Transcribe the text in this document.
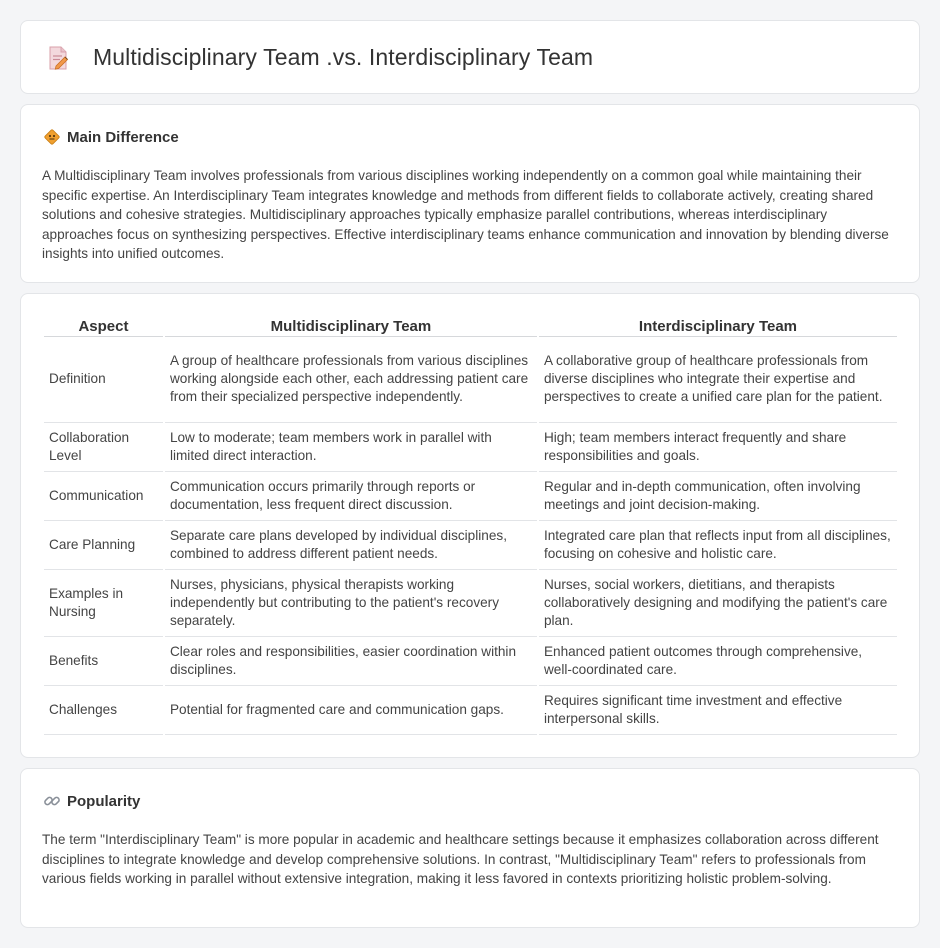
Multidisciplinary Team .vs. Interdisciplinary Team
Main Difference

A Multidisciplinary Team involves professionals from various disciplines working independently on a common goal while maintaining their specific expertise. An Interdisciplinary Team integrates knowledge and methods from different fields to collaborate actively, creating shared solutions and cohesive strategies. Multidisciplinary approaches typically emphasize parallel contributions, whereas interdisciplinary approaches focus on synthesizing perspectives. Effective interdisciplinary teams enhance communication and innovation by blending diverse insights into unified outcomes.

Aspect	Multidisciplinary Team	Interdisciplinary Team
Definition	A group of healthcare professionals from various disciplines working alongside each other, each addressing patient care from their specialized perspective independently.	A collaborative group of healthcare professionals from diverse disciplines who integrate their expertise and perspectives to create a unified care plan for the patient.
Collaboration Level	Low to moderate; team members work in parallel with limited direct interaction.	High; team members interact frequently and share responsibilities and goals.
Communication	Communication occurs primarily through reports or documentation, less frequent direct discussion.	Regular and in-depth communication, often involving meetings and joint decision-making.
Care Planning	Separate care plans developed by individual disciplines, combined to address different patient needs.	Integrated care plan that reflects input from all disciplines, focusing on cohesive and holistic care.
Examples in Nursing	Nurses, physicians, physical therapists working independently but contributing to the patient's recovery separately.	Nurses, social workers, dietitians, and therapists collaboratively designing and modifying the patient's care plan.
Benefits	Clear roles and responsibilities, easier coordination within disciplines.	Enhanced patient outcomes through comprehensive, well-coordinated care.
Challenges	Potential for fragmented care and communication gaps.	Requires significant time investment and effective interpersonal skills.
Popularity

The term "Interdisciplinary Team" is more popular in academic and healthcare settings because it emphasizes collaboration across different disciplines to integrate knowledge and develop comprehensive solutions. In contrast, "Multidisciplinary Team" refers to professionals from various fields working in parallel without extensive integration, making it less favored in contexts prioritizing holistic problem-solving.
